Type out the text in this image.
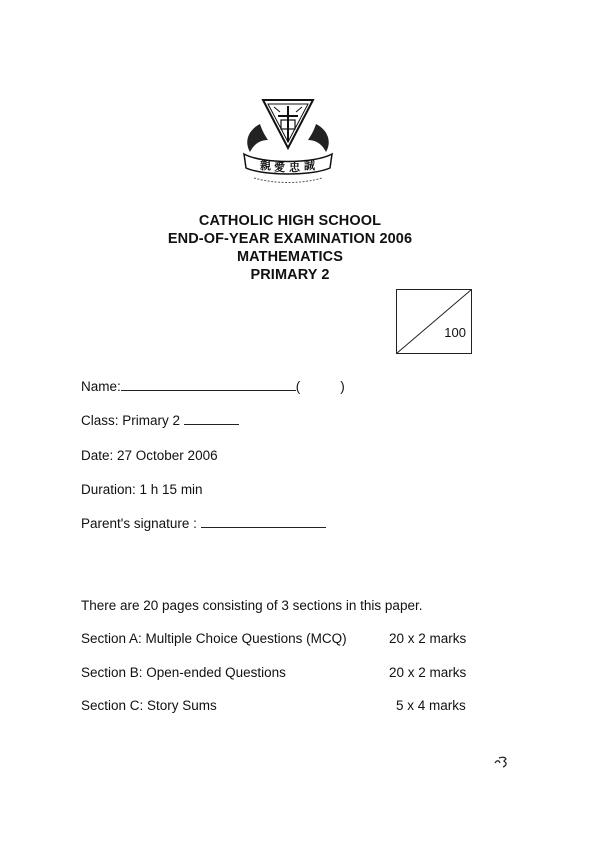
親 愛 忠 誠
CATHOLIC HIGH SCHOOL
END-OF-YEAR EXAMINATION 2006
MATHEMATICS
PRIMARY 2
100
Name:	(	)
Class: Primary 2
Date: 27 October 2006
Duration: 1 h 15 min
Parent's signature :
There are 20 pages consisting of 3 sections in this paper.
Section A: Multiple Choice Questions (MCQ)	20 x 2 marks
Section B: Open-ended Questions	20 x 2 marks
Section C: Story Sums	5 x 4 marks
